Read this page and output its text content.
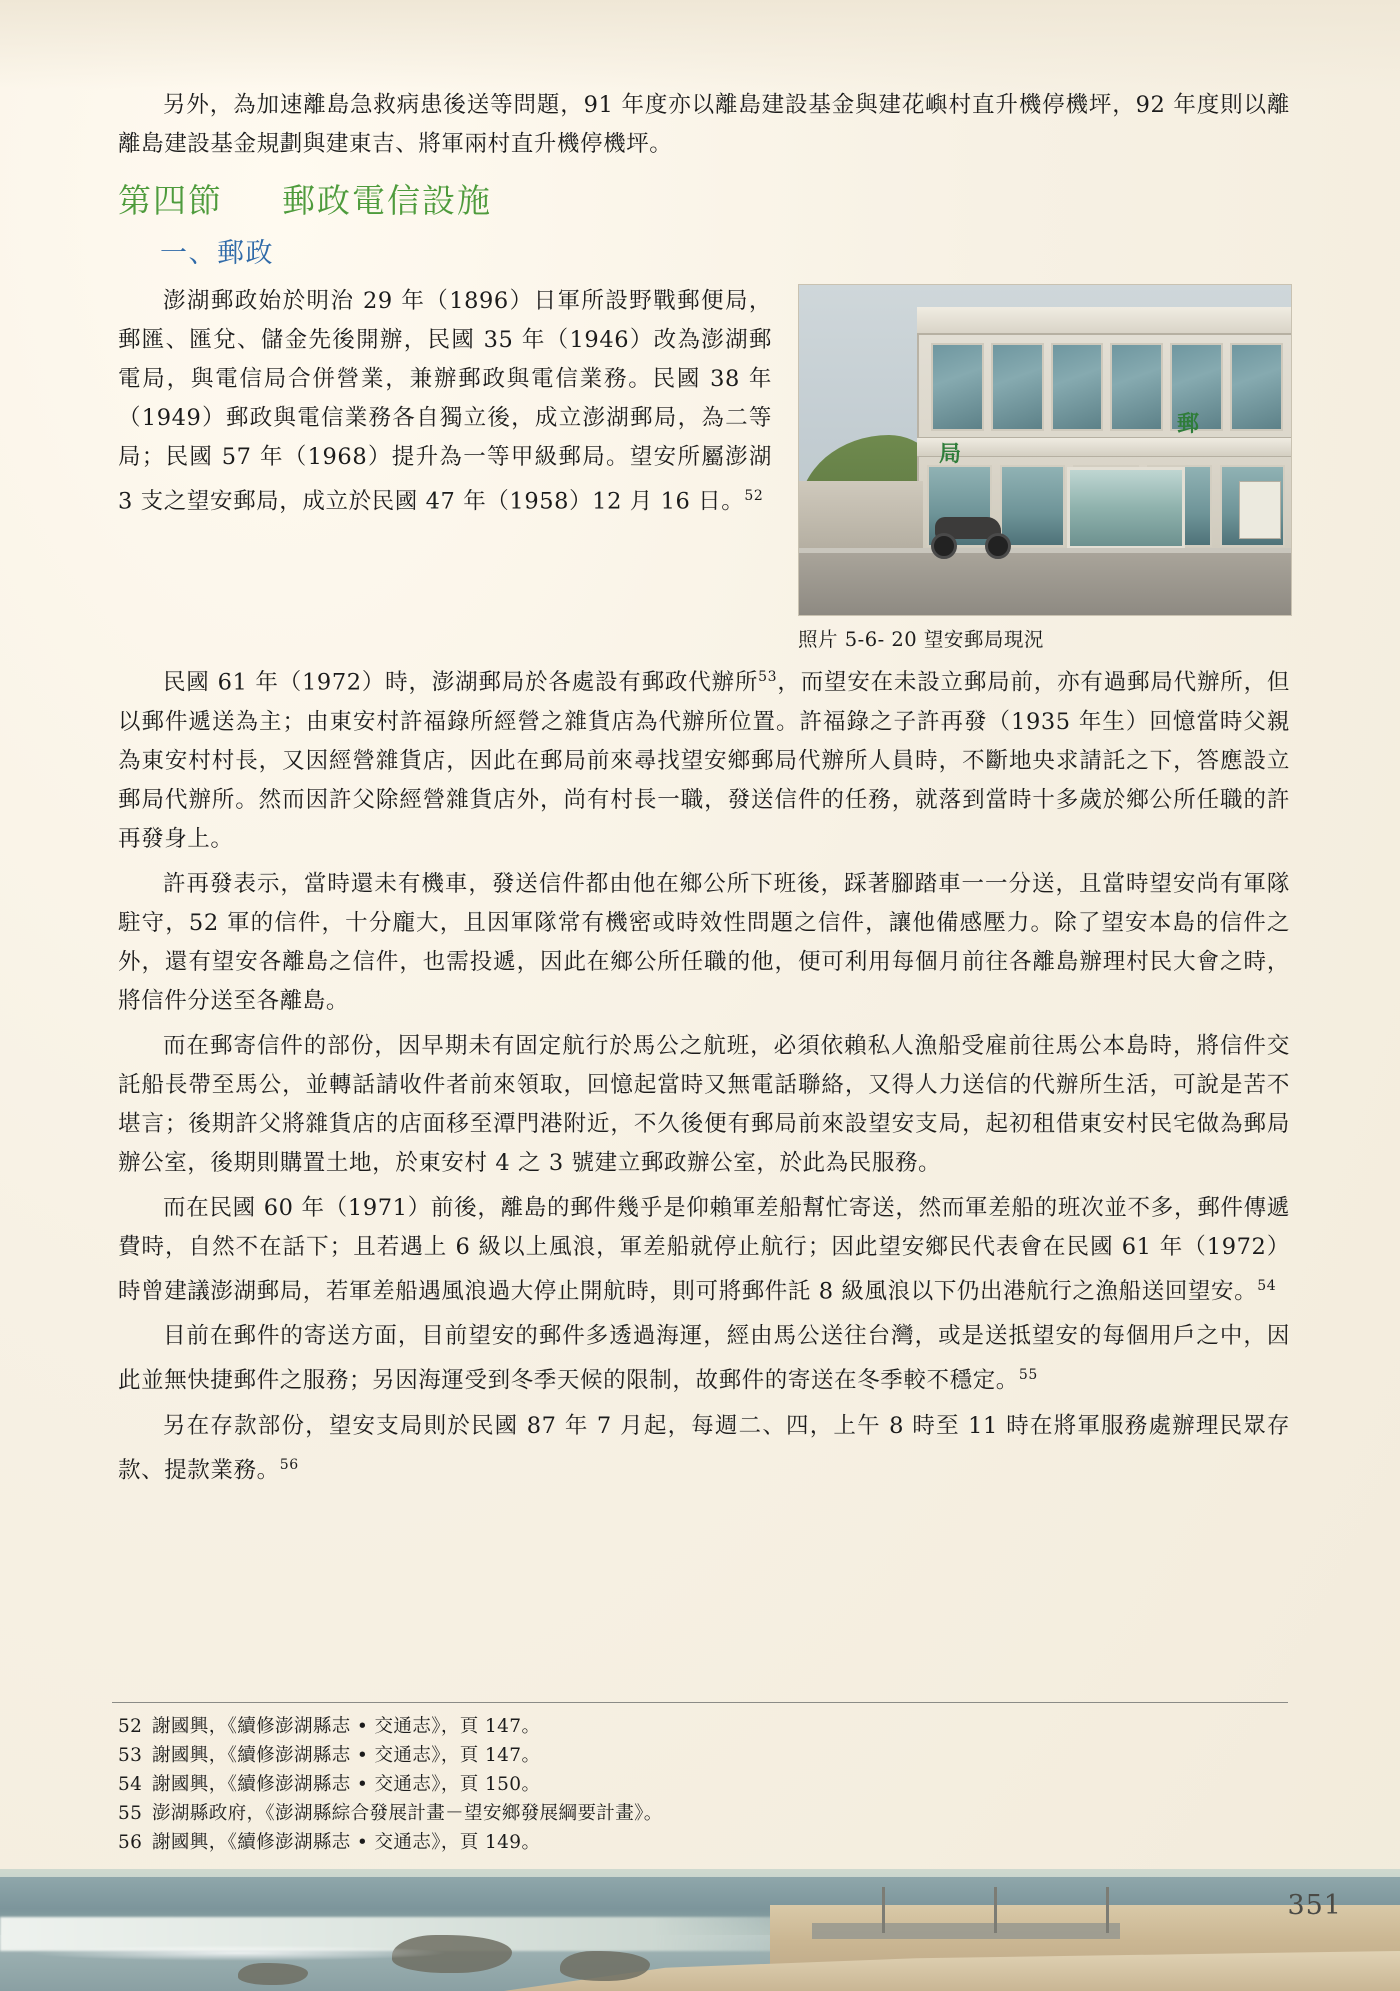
另外，為加速離島急救病患後送等問題，91 年度亦以離島建設基金與建花嶼村直升機停機坪，92 年度則以離離島建設基金規劃與建東吉、將軍兩村直升機停機坪。

第四節 郵政電信設施
一、郵政
局
郵
照片 5-6- 20 望安郵局現況

澎湖郵政始於明治 29 年（1896）日軍所設野戰郵便局，郵匯、匯兌、儲金先後開辦，民國 35 年（1946）改為澎湖郵電局，與電信局合併營業，兼辦郵政與電信業務。民國 38 年（1949）郵政與電信業務各自獨立後，成立澎湖郵局，為二等局；民國 57 年（1968）提升為一等甲級郵局。望安所屬澎湖 3 支之望安郵局，成立於民國 47 年（1958）12 月 16 日。$^{52}$

民國 61 年（1972）時，澎湖郵局於各處設有郵政代辦所$^{53}$，而望安在未設立郵局前，亦有過郵局代辦所，但以郵件遞送為主；由東安村許福錄所經營之雜貨店為代辦所位置。許福錄之子許再發（1935 年生）回憶當時父親為東安村村長，又因經營雜貨店，因此在郵局前來尋找望安鄉郵局代辦所人員時，不斷地央求請託之下，答應設立郵局代辦所。然而因許父除經營雜貨店外，尚有村長一職，發送信件的任務，就落到當時十多歲於鄉公所任職的許再發身上。

許再發表示，當時還未有機車，發送信件都由他在鄉公所下班後，踩著腳踏車一一分送，且當時望安尚有軍隊駐守，52 軍的信件，十分龐大，且因軍隊常有機密或時效性問題之信件，讓他備感壓力。除了望安本島的信件之外，還有望安各離島之信件，也需投遞，因此在鄉公所任職的他，便可利用每個月前往各離島辦理村民大會之時，將信件分送至各離島。

而在郵寄信件的部份，因早期未有固定航行於馬公之航班，必須依賴私人漁船受雇前往馬公本島時，將信件交託船長帶至馬公，並轉話請收件者前來領取，回憶起當時又無電話聯絡，又得人力送信的代辦所生活，可說是苦不堪言；後期許父將雜貨店的店面移至潭門港附近，不久後便有郵局前來設望安支局，起初租借東安村民宅做為郵局辦公室，後期則購置土地，於東安村 4 之 3 號建立郵政辦公室，於此為民服務。

而在民國 60 年（1971）前後，離島的郵件幾乎是仰賴軍差船幫忙寄送，然而軍差船的班次並不多，郵件傳遞費時，自然不在話下；且若遇上 6 級以上風浪，軍差船就停止航行；因此望安鄉民代表會在民國 61 年（1972）時曾建議澎湖郵局，若軍差船遇風浪過大停止開航時，則可將郵件託 8 級風浪以下仍出港航行之漁船送回望安。$^{54}$

目前在郵件的寄送方面，目前望安的郵件多透過海運，經由馬公送往台灣，或是送抵望安的每個用戶之中，因此並無快捷郵件之服務；另因海運受到冬季天候的限制，故郵件的寄送在冬季較不穩定。$^{55}$

另在存款部份，望安支局則於民國 87 年 7 月起，每週二、四，上午 8 時至 11 時在將軍服務處辦理民眾存款、提款業務。$^{56}$

52 謝國興，《續修澎湖縣志 • 交通志》，頁 147。
53 謝國興，《續修澎湖縣志 • 交通志》，頁 147。
54 謝國興，《續修澎湖縣志 • 交通志》，頁 150。
55 澎湖縣政府，《澎湖縣綜合發展計畫－望安鄉發展綱要計畫》。
56 謝國興，《續修澎湖縣志 • 交通志》，頁 149。
351
